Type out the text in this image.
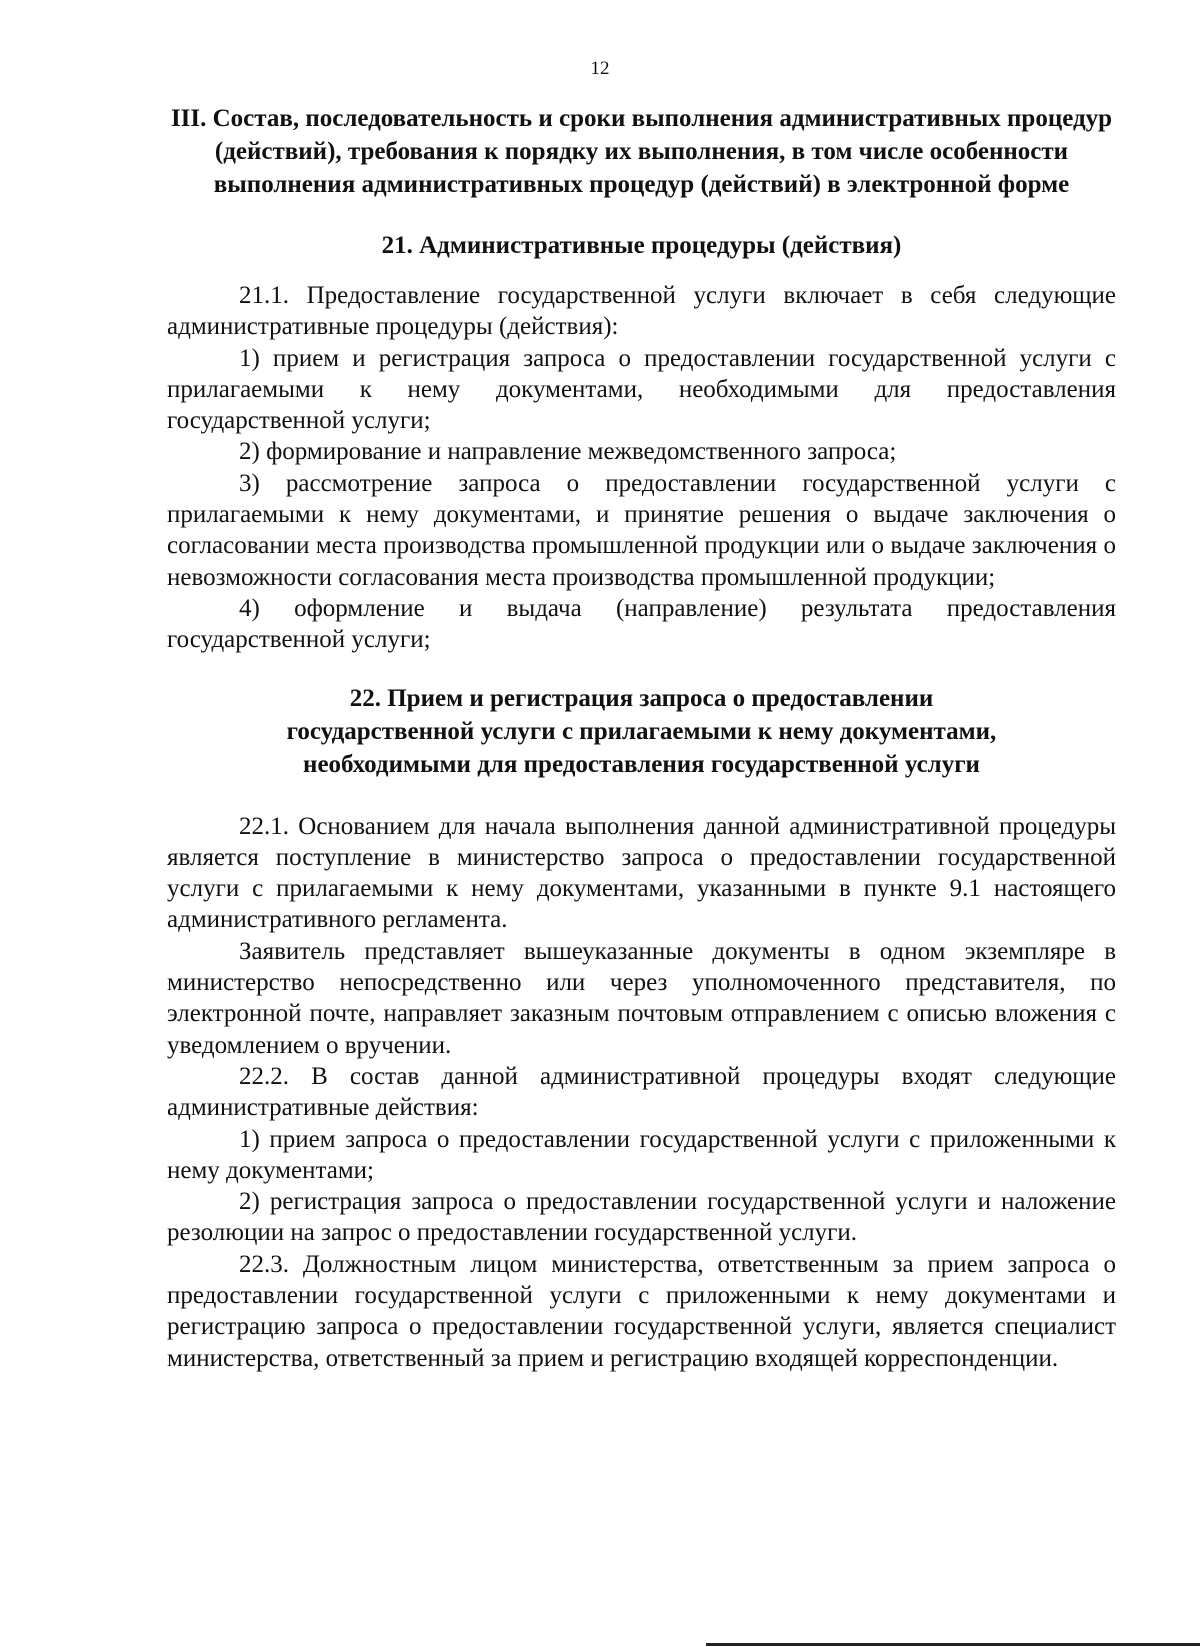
12

III. Состав, последовательность и сроки выполнения административных процедур (действий), требования к порядку их выполнения, в том числе особенности выполнения административных процедур (действий) в электронной форме

21. Административные процедуры (действия)

21.1. Предоставление государственной услуги включает в себя следующие административные процедуры (действия):

1) прием и регистрация запроса о предоставлении государственной услуги с прилагаемыми к нему документами, необходимыми для предоставления государственной услуги;

2) формирование и направление межведомственного запроса;

3) рассмотрение запроса о предоставлении государственной услуги с прилагаемыми к нему документами, и принятие решения о выдаче заключения о согласовании места производства промышленной продукции или о выдаче заключения о невозможности согласования места производства промышленной продукции;

4) оформление и выдача (направление) результата предоставления государственной услуги;

22. Прием и регистрация запроса о предоставлении
государственной услуги с прилагаемыми к нему документами,
необходимыми для предоставления государственной услуги

22.1. Основанием для начала выполнения данной административной процедуры является поступление в министерство запроса о предоставлении государственной услуги с прилагаемыми к нему документами, указанными в пункте 9.1 настоящего административного регламента.

Заявитель представляет вышеуказанные документы в одном экземпляре в министерство непосредственно или через уполномоченного представителя, по электронной почте, направляет заказным почтовым отправлением с описью вложения с уведомлением о вручении.

22.2. В состав данной административной процедуры входят следующие административные действия:

1) прием запроса о предоставлении государственной услуги с приложенными к нему документами;

2) регистрация запроса о предоставлении государственной услуги и наложение резолюции на запрос о предоставлении государственной услуги.

22.3. Должностным лицом министерства, ответственным за прием запроса о предоставлении государственной услуги с приложенными к нему документами и регистрацию запроса о предоставлении государственной услуги, является специалист министерства, ответственный за прием и регистрацию входящей корреспонденции.
